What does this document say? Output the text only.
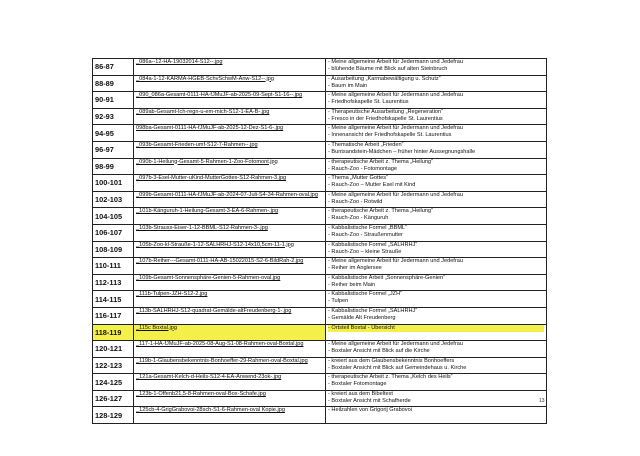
86-87	_086a--12-HA-19032014-S12--.jpg	- Meine allgemeine Arbeit für Jedermann und Jedefrau
- blühende Bäume mit Blick auf alten Steinbruch

88-89	_084a-1-12-KARMA-HGEB-SchvSchwM-Anw-S12--.jpg	- Ausarbeitung „Karmabewältigung u. Schutz“
- Baum im Main

90-91	_090_086a-Gesamt-0111-HA-fJMuJF-ab-2025-09-Sept-S1-16--.jpg	- Meine allgemeine Arbeit für Jedermann und Jedefrau
- Friedhofskapelle St. Laurentius

92-93	_089ab-Gesamt-Ich-regn-u-em-mich-S12-1-EA-B-.jpg	- Therapeutische Ausarbeitung „Regeneration“
- Fresco in der Friedhofskapelle St. Laurentius

94-95	098ba-Gesamt-0111-HA-fJMuJF-ab-2025-12-Dez-S1-6-.jpg	- Meine allgemeine Arbeit für Jedermann und Jedefrau
- Innenansicht der Friedhofskapelle St. Laurentius

96-97	_093b-Gesamt-Frieden-umf-S12-7-Rahmen--.jpg	- Thematische Arbeit „Frieden“
- Buntsandstein-Mädchen – früher hinter Aussegnungshalle

98-99	_090b-1-Heilung-Gesamt-5-Rahmen-1-Zoo-Fotomont.jpg	- therapeutische Arbeit z. Thema „Heilung“
- Rauch-Zoo - Fotomontage

100-101	_097b-3-Esel-Mutter-uKind-MutterGottes-S12-Rahmen-3.jpg	- Thema „Mutter Gottes“
- Rauch-Zoo – Mutter Esel mit Kind

102-103	_099b-Gesamt-0111-HA-fJMuJF-ab-2024-07-Juli-S4-34-Rahmen-oval.jpg	- Meine allgemeine Arbeit für Jedermann und Jedefrau
- Rauch-Zoo - Rotwild

104-105	_101b-Känguruh-1-Heilung-Gesamt-3-EA-6-Rahmen-.jpg	- therapeutische Arbeit z. Thema „Heilung“
- Rauch-Zoo - Känguruh

106-107	_103b-Strauss-Eiser-1-12-BBML-S12-Rahmen-3-.jpg	- Kabbalistische Formel „BBML“
- Rauch-Zoo - Straußenmutter

108-109	_105b-Zoo-kl-Strauße-1-12-SALHRHJ-S12-14x10,5cm-11-1.jpg	- Kabbalistische Formel „SALHRHJ“
- Rauch-Zoo – kleine Strauße

110-111	_107b-Reiher---Gesamt-0111-HA-AB-15022015-S2-6-BildRah-2.jpg	- Meine allgemeine Arbeit für Jedermann und Jedefrau
- Reiher im Anglersee

112-113	_109b-Gesamt-Sonnensphäre-Genien-5-Rahmen-oval.jpg	- Kabbalistische Arbeit „Sonnensphäre-Genien“
- Reiher beim Main

114-115	_111b-Tulpen-JZH-S12-2.jpg	- Kabbalistische Formel „JZH“
- Tulpen

116-117	_113b-SALHRHJ-S12-quadrat-Gemälde-altFreudenberg-1-.jpg	- Kabbalistische Formel „SALHRHJ“
- Gemälde Alt Freudenberg

118-119	_115c Boxtal.jpg	- Ortsteil Boxtal - Übersicht

120-121	_117-1-HA-fJMuJF-ab-2025-08-Aug-S1-08-Rahmen-oval-Boxtal.jpg	- Meine allgemeine Arbeit für Jedermann und Jedefrau
- Boxtaler Ansicht mit Blick auf die Kirche

122-123	_119b-1-Glaubensbekenntnis-Bonhoeffer-29-Rahmen-oval-Boxtal.jpg	- kreiert aus dem Glaubensbekenntnis Bonhoeffers
- Boxtaler Ansicht mit Blick auf Gemeindehaus u. Kirche

124-125	_121a-Gesamt-Kelch-d-Heils-S12-4-EA-Anwend-23ok-.jpg	- therapeutische Arbeit z. Thema „Kelch des Heils“
- Boxtaler Fotomontage

126-127	_123b-1-Offenb21,5-8-Rahmen-oval-Box-Schafe.jpg	- kreiert aus dem Bibeltext
- Boxtaler Ansicht mit Schafherde

128-129	_125cb-4-GrigGrabovoi-28sch-S1-6-Rahmen-oval Kopie.jpg	- Heilzahlen von Grigorij Grabovoi

13
